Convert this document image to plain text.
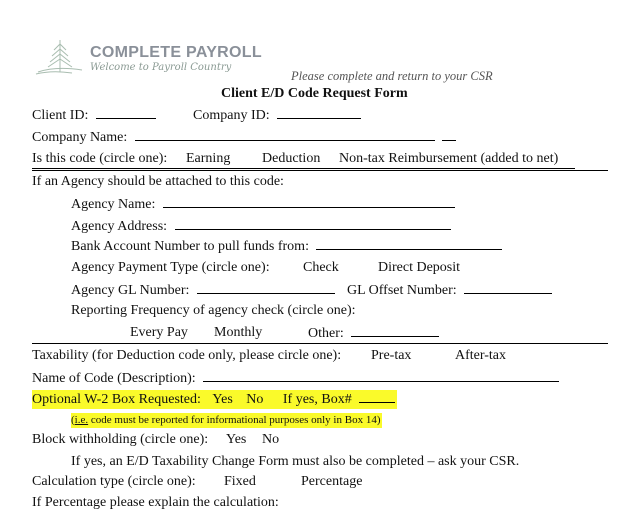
COMPLETE PAYROLL
Welcome to Payroll Country
Please complete and return to your CSR
Client E/D Code Request Form
Client ID:	Company ID:
Company Name:
Is this code (circle one): Earning Deduction Non-tax Reimbursement (added to net)
If an Agency should be attached to this code:
Agency Name:
Agency Address:
Bank Account Number to pull funds from:
Agency Payment Type (circle one): Check	Direct Deposit
Agency GL Number:	GL Offset Number:
Reporting Frequency of agency check (circle one):
Every Pay Monthly	Other:
Taxability (for Deduction code only, please circle one): Pre-tax	After-tax
Name of Code (Description):
Optional W-2 Box Requested: Yes No If yes, Box#
(i.e. code must be reported for informational purposes only in Box 14)
Block withholding (circle one): Yes No
If yes, an E/D Taxability Change Form must also be completed – ask your CSR.
Calculation type (circle one): Fixed	Percentage
If Percentage please explain the calculation:
